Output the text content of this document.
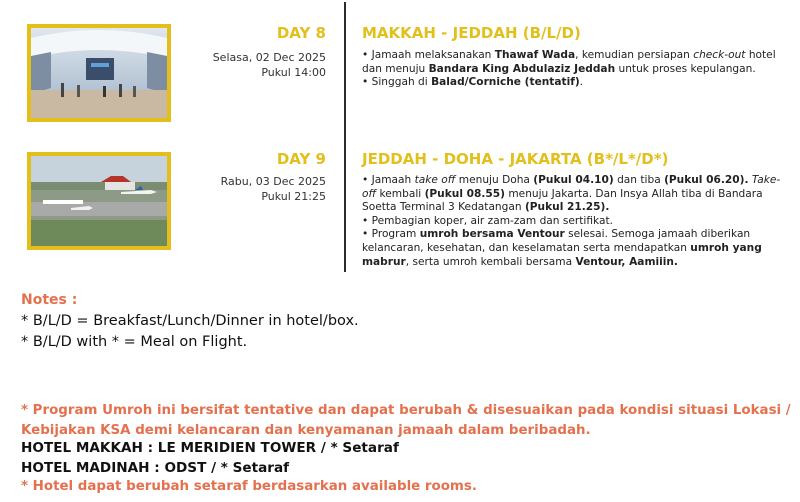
DAY 8
Selasa, 02 Dec 2025
Pukul 14:00
MAKKAH - JEDDAH (B/L/D)

• Jamaah melaksanakan Thawaf Wada, kemudian persiapan check-out hotel dan menuju Bandara King Abdulaziz Jeddah untuk proses kepulangan.

• Singgah di Balad/Corniche (tentatif).

DAY 9
Rabu, 03 Dec 2025
Pukul 21:25
JEDDAH - DOHA - JAKARTA (B*/L*/D*)

• Jamaah take off menuju Doha (Pukul 04.10) dan tiba (Pukul 06.20). Take-off kembali (Pukul 08.55) menuju Jakarta. Dan Insya Allah tiba di Bandara Soetta Terminal 3 Kedatangan (Pukul 21.25).

• Pembagian koper, air zam-zam dan sertifikat.

• Program umroh bersama Ventour selesai. Semoga jamaah diberikan kelancaran, kesehatan, dan keselamatan serta mendapatkan umroh yang mabrur, serta umroh kembali bersama Ventour, Aamiiin.

Notes :
* B/L/D = Breakfast/Lunch/Dinner in hotel/box.
* B/L/D with * = Meal on Flight.
* Program Umroh ini bersifat tentative dan dapat berubah & disesuaikan pada kondisi situasi Lokasi / Kebijakan KSA demi kelancaran dan kenyamanan jamaah dalam beribadah.
HOTEL MAKKAH : LE MERIDIEN TOWER / * Setaraf
HOTEL MADINAH : ODST / * Setaraf
* Hotel dapat berubah setaraf berdasarkan available rooms.
